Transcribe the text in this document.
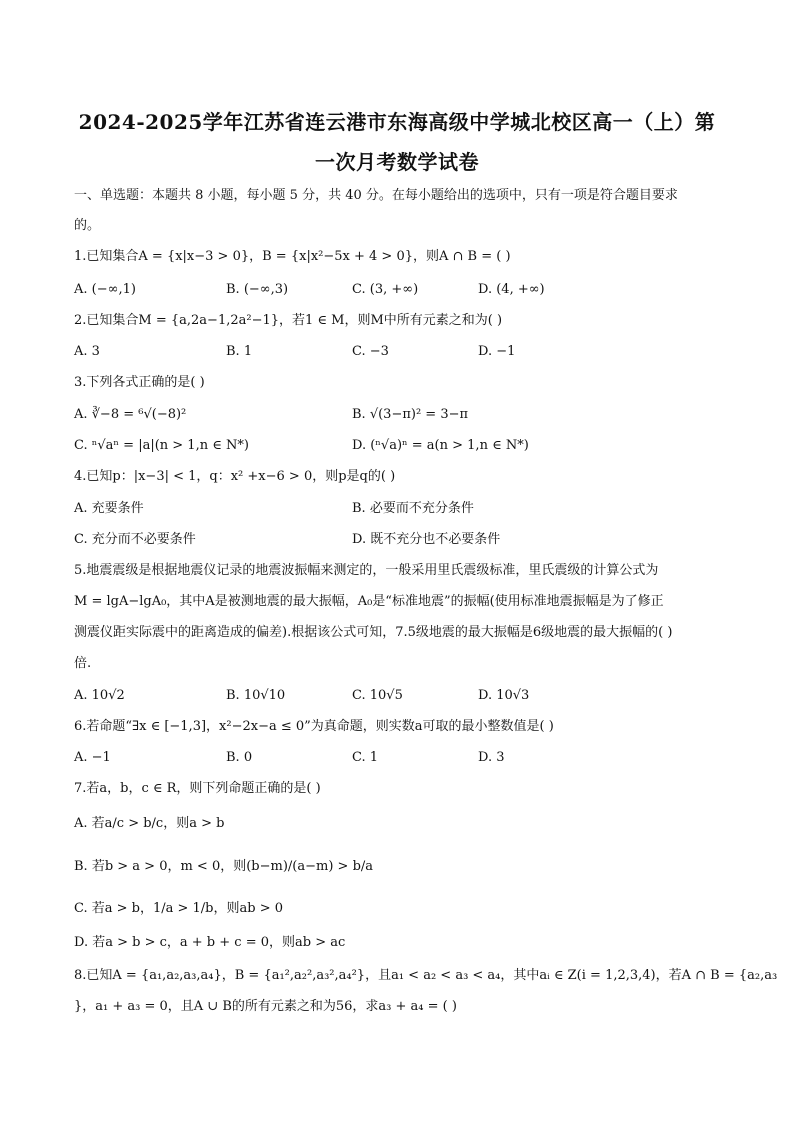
2024-2025学年江苏省连云港市东海高级中学城北校区高一（上）第
一次月考数学试卷
一、单选题：本题共 8 小题，每小题 5 分，共 40 分。在每小题给出的选项中，只有一项是符合题目要求
的。
1.已知集合A = {x|x−3 > 0}，B = {x|x²−5x + 4 > 0}，则A ∩ B = ( )
A. (−∞,1)	B. (−∞,3)	C. (3, +∞)	D. (4, +∞)
2.已知集合M = {a,2a−1,2a²−1}，若1 ∈ M，则M中所有元素之和为( )
A. 3	B. 1	C. −3	D. −1
3.下列各式正确的是( )
A. ∛−8 = ⁶√(−8)²	B. √(3−π)² = 3−π
C. ⁿ√aⁿ = |a|(n > 1,n ∈ N*)	D. (ⁿ√a)ⁿ = a(n > 1,n ∈ N*)
4.已知p：|x−3| < 1，q：x² +x−6 > 0，则p是q的( )
A. 充要条件	B. 必要而不充分条件
C. 充分而不必要条件	D. 既不充分也不必要条件
5.地震震级是根据地震仪记录的地震波振幅来测定的，一般采用里氏震级标准，里氏震级的计算公式为
M = lgA−lgA₀，其中A是被测地震的最大振幅，A₀是“标准地震”的振幅(使用标准地震振幅是为了修正
测震仪距实际震中的距离造成的偏差).根据该公式可知，7.5级地震的最大振幅是6级地震的最大振幅的( )
倍.
A. 10√2	B. 10√10	C. 10√5	D. 10√3
6.若命题“∃x ∈ [−1,3]，x²−2x−a ≤ 0”为真命题，则实数a可取的最小整数值是( )
A. −1	B. 0	C. 1	D. 3
7.若a，b，c ∈ R，则下列命题正确的是( )
A. 若a/c > b/c，则a > b
B. 若b > a > 0，m < 0，则(b−m)/(a−m) > b/a
C. 若a > b，1/a > 1/b，则ab > 0
D. 若a > b > c，a + b + c = 0，则ab > ac
8.已知A = {a₁,a₂,a₃,a₄}，B = {a₁²,a₂²,a₃²,a₄²}，且a₁ < a₂ < a₃ < a₄，其中aᵢ ∈ Z(i = 1,2,3,4)，若A ∩ B = {a₂,a₃
}，a₁ + a₃ = 0，且A ∪ B的所有元素之和为56，求a₃ + a₄ = ( )
